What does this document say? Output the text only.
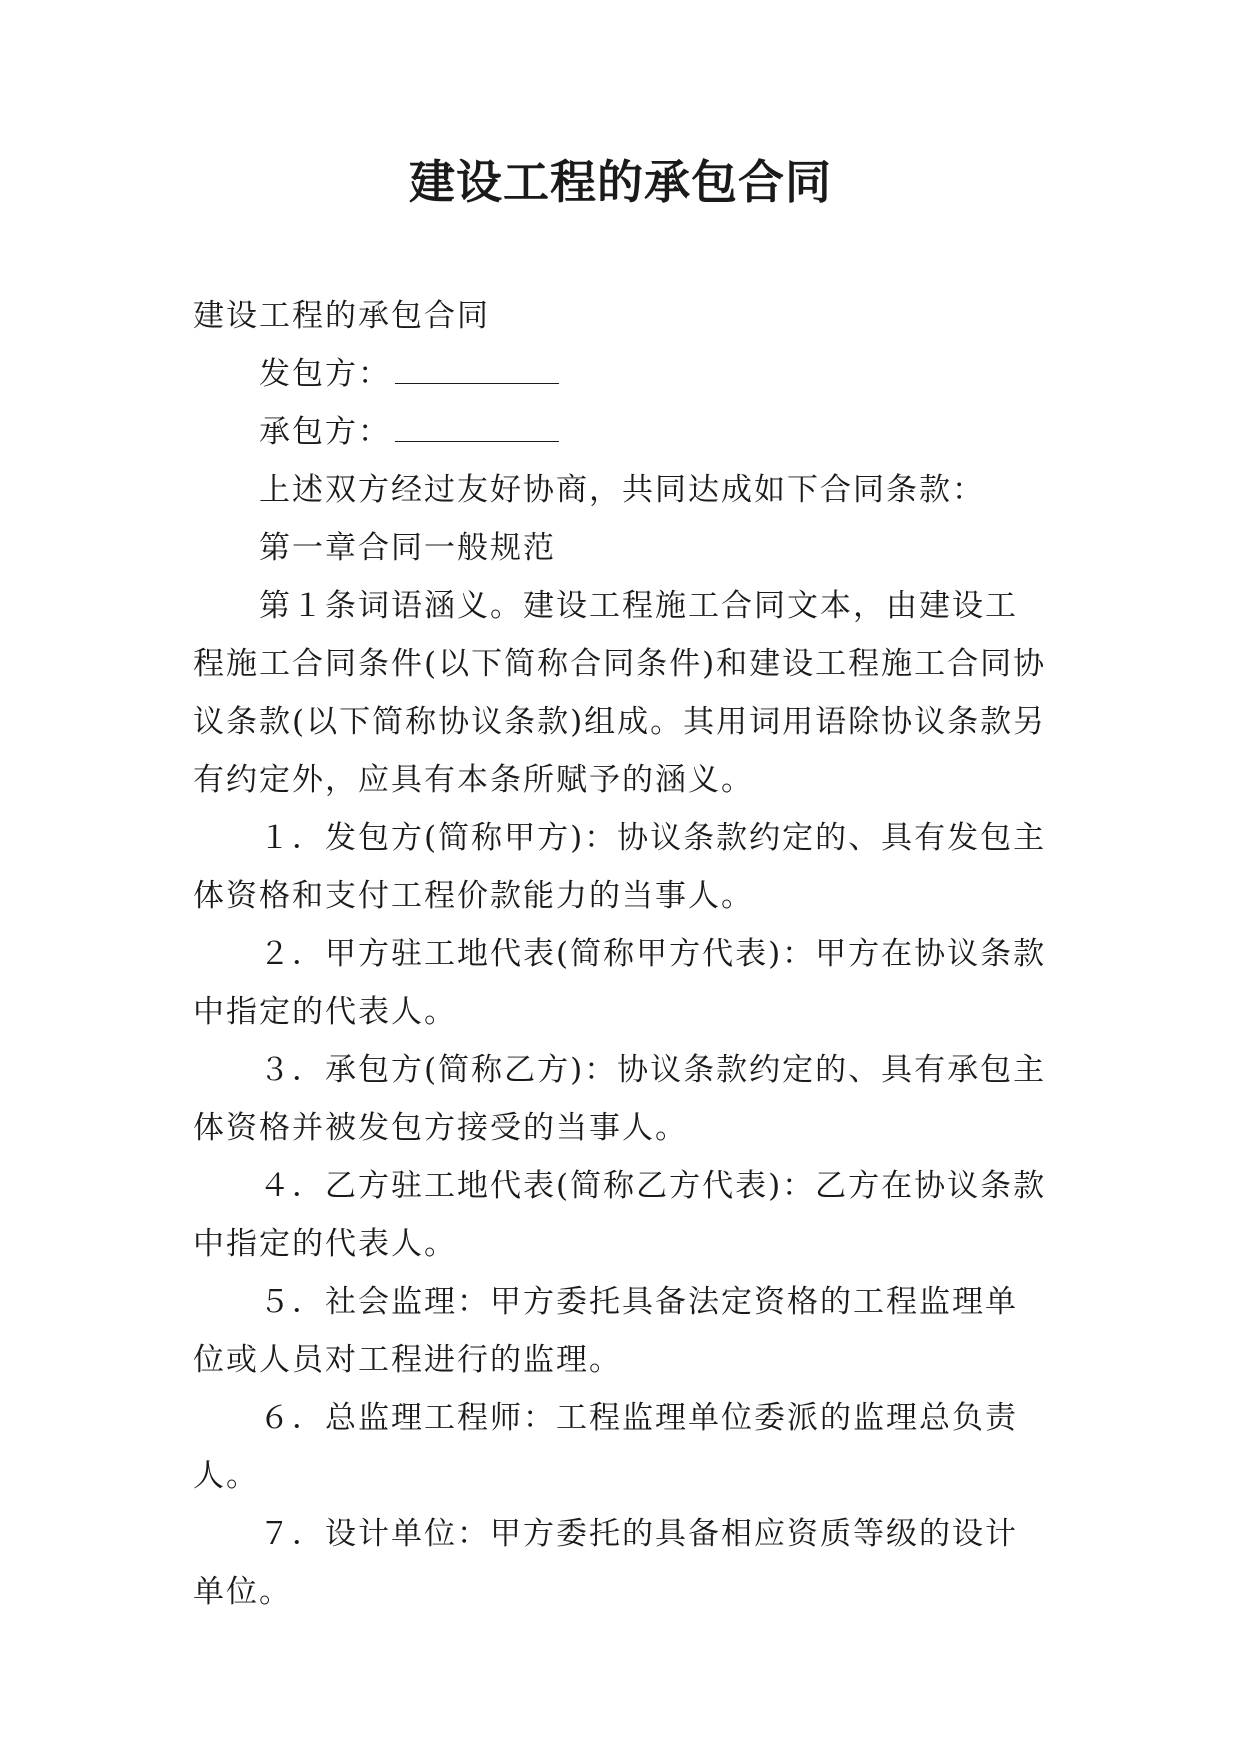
建设工程的承包合同

建设工程的承包合同

发包方：

承包方：

上述双方经过友好协商，共同达成如下合同条款：

第一章合同一般规范

第１条词语涵义。建设工程施工合同文本，由建设工程施工合同条件(以下简称合同条件)和建设工程施工合同协议条款(以下简称协议条款)组成。其用词用语除协议条款另有约定外，应具有本条所赋予的涵义。

１．发包方(简称甲方)：协议条款约定的、具有发包主体资格和支付工程价款能力的当事人。

２．甲方驻工地代表(简称甲方代表)：甲方在协议条款中指定的代表人。

３．承包方(简称乙方)：协议条款约定的、具有承包主体资格并被发包方接受的当事人。

４．乙方驻工地代表(简称乙方代表)：乙方在协议条款中指定的代表人。

５．社会监理：甲方委托具备法定资格的工程监理单位或人员对工程进行的监理。

６．总监理工程师：工程监理单位委派的监理总负责人。

７．设计单位：甲方委托的具备相应资质等级的设计单位。
